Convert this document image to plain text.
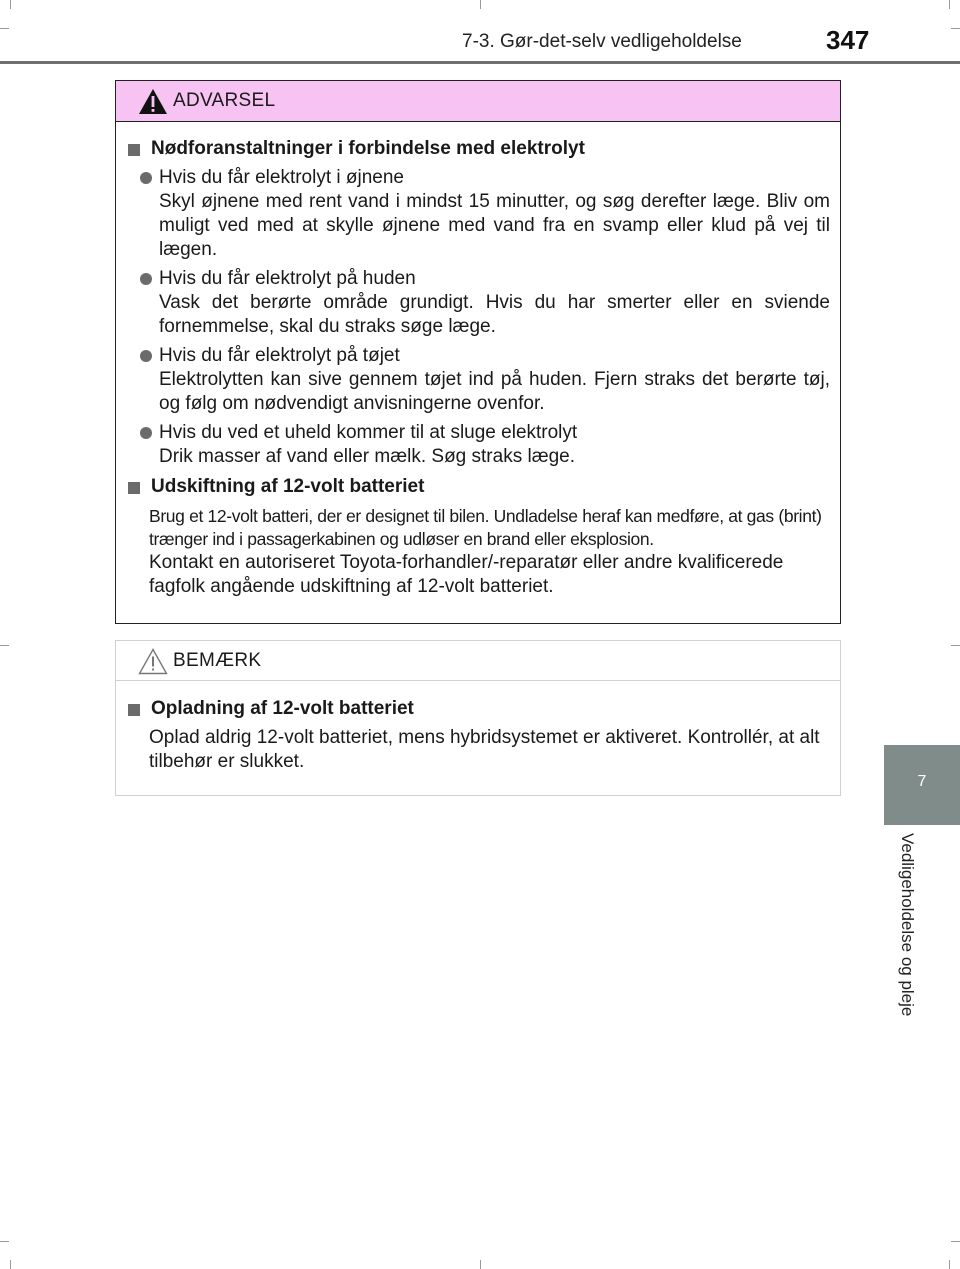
7-3. Gør-det-selv vedligeholdelse	347
7
Vedligeholdelse og pleje
ADVARSEL
Nødforanstaltninger i forbindelse med elektrolyt
Hvis du får elektrolyt i øjnene
Skyl øjnene med rent vand i mindst 15 minutter, og søg derefter læge. Bliv om muligt ved med at skylle øjnene med vand fra en svamp eller klud på vej til lægen.
Hvis du får elektrolyt på huden
Vask det berørte område grundigt. Hvis du har smerter eller en sviende fornemmelse, skal du straks søge læge.
Hvis du får elektrolyt på tøjet
Elektrolytten kan sive gennem tøjet ind på huden. Fjern straks det berørte tøj, og følg om nødvendigt anvisningerne ovenfor.
Hvis du ved et uheld kommer til at sluge elektrolyt
Drik masser af vand eller mælk. Søg straks læge.
Udskiftning af 12-volt batteriet
Brug et 12-volt batteri, der er designet til bilen. Undladelse heraf kan medføre, at gas (brint) trænger ind i passagerkabinen og udløser en brand eller eksplosion.
Kontakt en autoriseret Toyota-forhandler/-reparatør eller andre kvalificerede fagfolk angående udskiftning af 12-volt batteriet.
BEMÆRK
Opladning af 12-volt batteriet
Oplad aldrig 12-volt batteriet, mens hybridsystemet er aktiveret. Kontrollér, at alt tilbehør er slukket.
